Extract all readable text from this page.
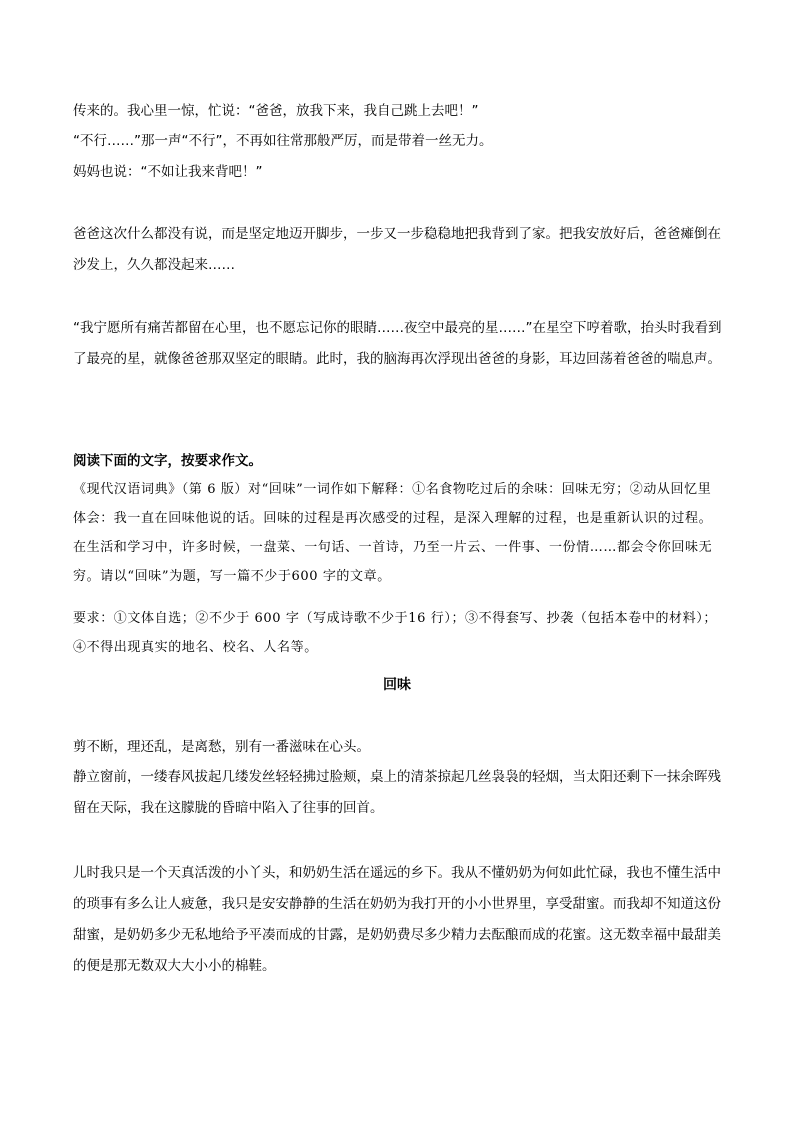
传来的。我心里一惊，忙说：“爸爸，放我下来，我自己跳上去吧！”

“不行……”那一声“不行”，不再如往常那般严厉，而是带着一丝无力。

妈妈也说：“不如让我来背吧！”

爸爸这次什么都没有说，而是坚定地迈开脚步，一步又一步稳稳地把我背到了家。把我安放好后，爸爸瘫倒在沙发上，久久都没起来……

“我宁愿所有痛苦都留在心里，也不愿忘记你的眼睛……夜空中最亮的星……”在星空下哼着歌，抬头时我看到了最亮的星，就像爸爸那双坚定的眼睛。此时，我的脑海再次浮现出爸爸的身影，耳边回荡着爸爸的喘息声。

阅读下面的文字，按要求作文。

《现代汉语词典》（第 6 版）对“回味”一词作如下解释：①名食物吃过后的余味：回味无穷；②动从回忆里体会：我一直在回味他说的话。回味的过程是再次感受的过程，是深入理解的过程，也是重新认识的过程。在生活和学习中，许多时候，一盘菜、一句话、一首诗，乃至一片云、一件事、一份情……都会令你回味无穷。请以“回味”为题，写一篇不少于600 字的文章。

要求：①文体自选；②不少于 600 字（写成诗歌不少于16 行）；③不得套写、抄袭（包括本卷中的材料）；④不得出现真实的地名、校名、人名等。

回味

剪不断，理还乱，是离愁，别有一番滋味在心头。

静立窗前，一缕春风拔起几缕发丝轻轻拂过脸颊，桌上的清茶掠起几丝袅袅的轻烟，当太阳还剩下一抹余晖残留在天际，我在这朦胧的昏暗中陷入了往事的回首。

儿时我只是一个天真活泼的小丫头，和奶奶生活在遥远的乡下。我从不懂奶奶为何如此忙碌，我也不懂生活中的琐事有多么让人疲惫，我只是安安静静的生活在奶奶为我打开的小小世界里，享受甜蜜。而我却不知道这份甜蜜，是奶奶多少无私地给予平凑而成的甘露，是奶奶费尽多少精力去酝酿而成的花蜜。这无数幸福中最甜美的便是那无数双大大小小的棉鞋。
